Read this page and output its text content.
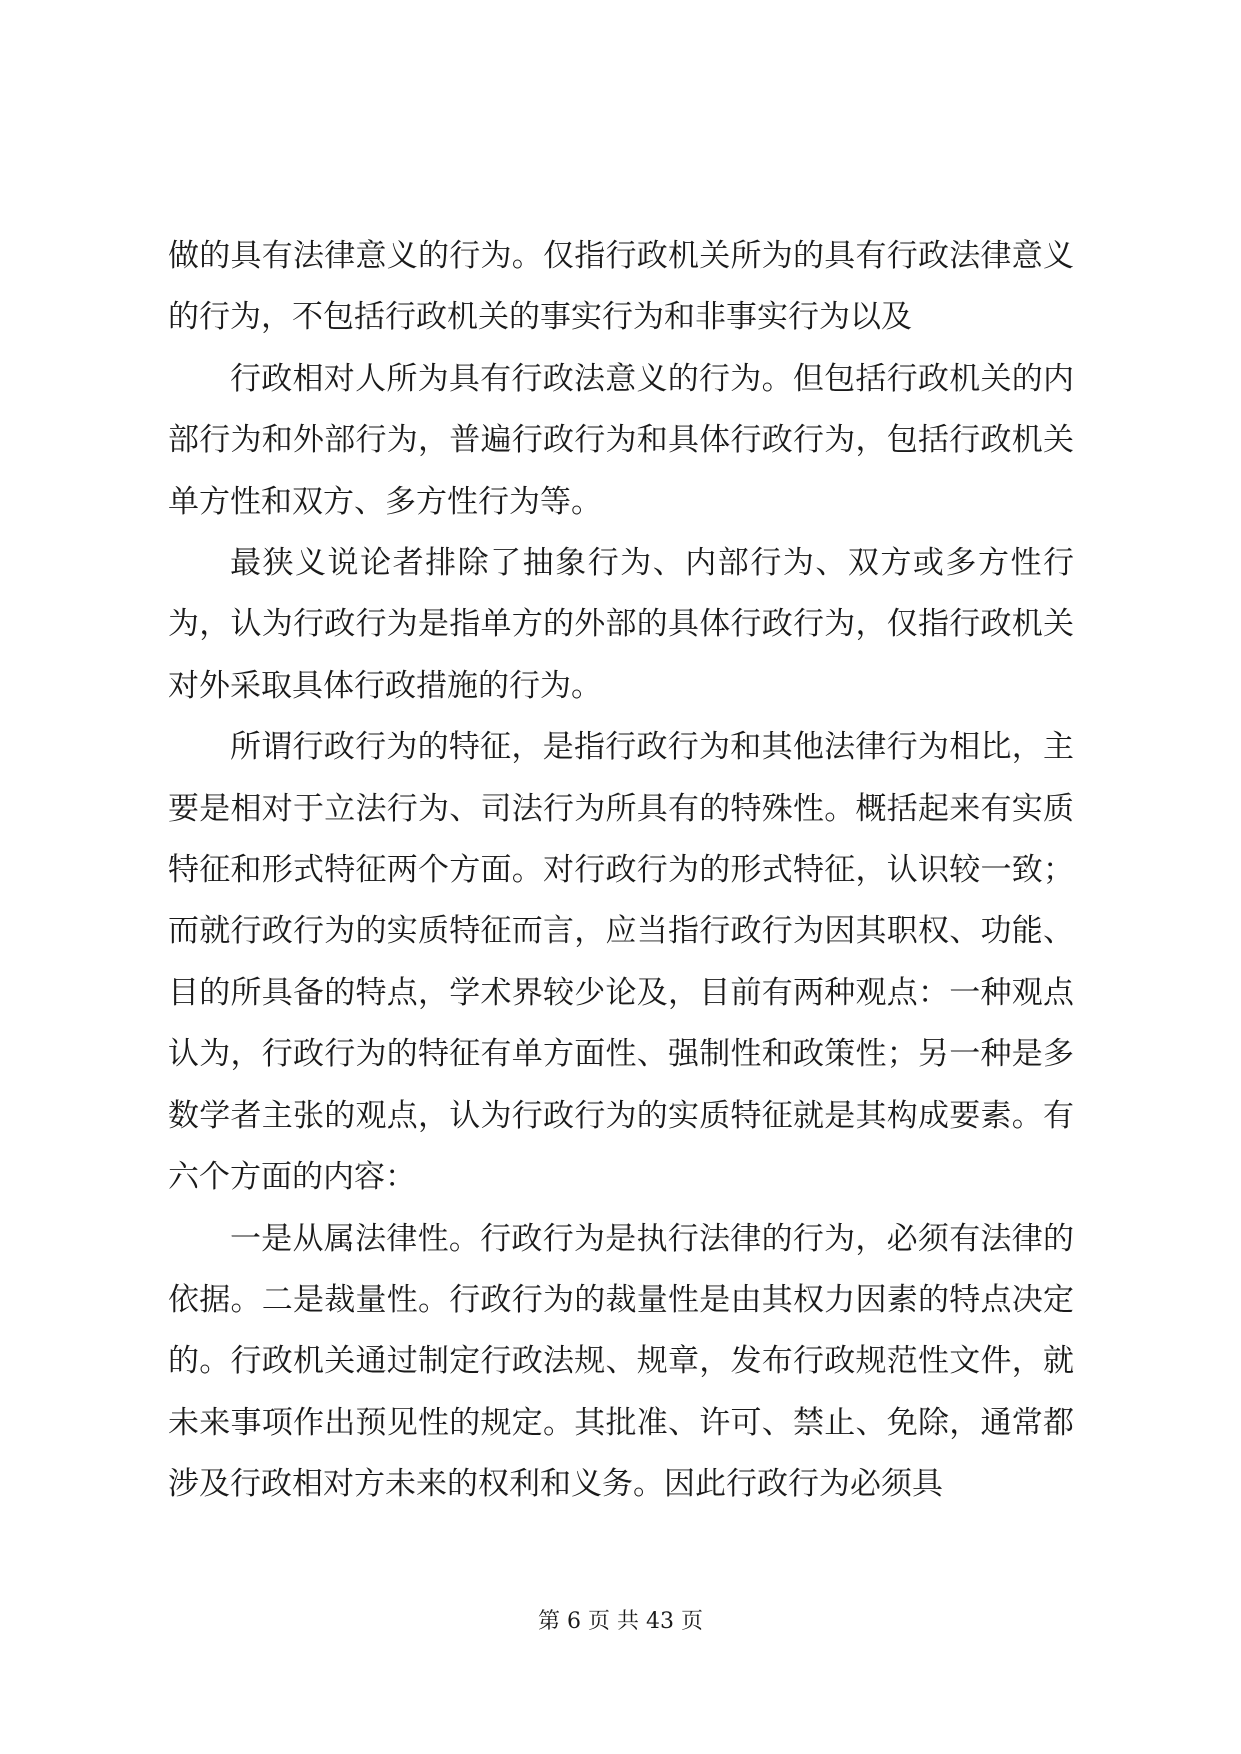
做的具有法律意义的行为。仅指行政机关所为的具有行政法律意义的行为，不包括行政机关的事实行为和非事实行为以及

行政相对人所为具有行政法意义的行为。但包括行政机关的内部行为和外部行为，普遍行政行为和具体行政行为，包括行政机关单方性和双方、多方性行为等。

最狭义说论者排除了抽象行为、内部行为、双方或多方性行为，认为行政行为是指单方的外部的具体行政行为，仅指行政机关对外采取具体行政措施的行为。

所谓行政行为的特征，是指行政行为和其他法律行为相比，主要是相对于立法行为、司法行为所具有的特殊性。概括起来有实质特征和形式特征两个方面。对行政行为的形式特征，认识较一致；而就行政行为的实质特征而言，应当指行政行为因其职权、功能、目的所具备的特点，学术界较少论及，目前有两种观点：一种观点认为，行政行为的特征有单方面性、强制性和政策性；另一种是多数学者主张的观点，认为行政行为的实质特征就是其构成要素。有六个方面的内容：

一是从属法律性。行政行为是执行法律的行为，必须有法律的依据。二是裁量性。行政行为的裁量性是由其权力因素的特点决定的。行政机关通过制定行政法规、规章，发布行政规范性文件，就未来事项作出预见性的规定。其批准、许可、禁止、免除，通常都涉及行政相对方未来的权利和义务。因此行政行为必须具

第 6 页 共 43 页
